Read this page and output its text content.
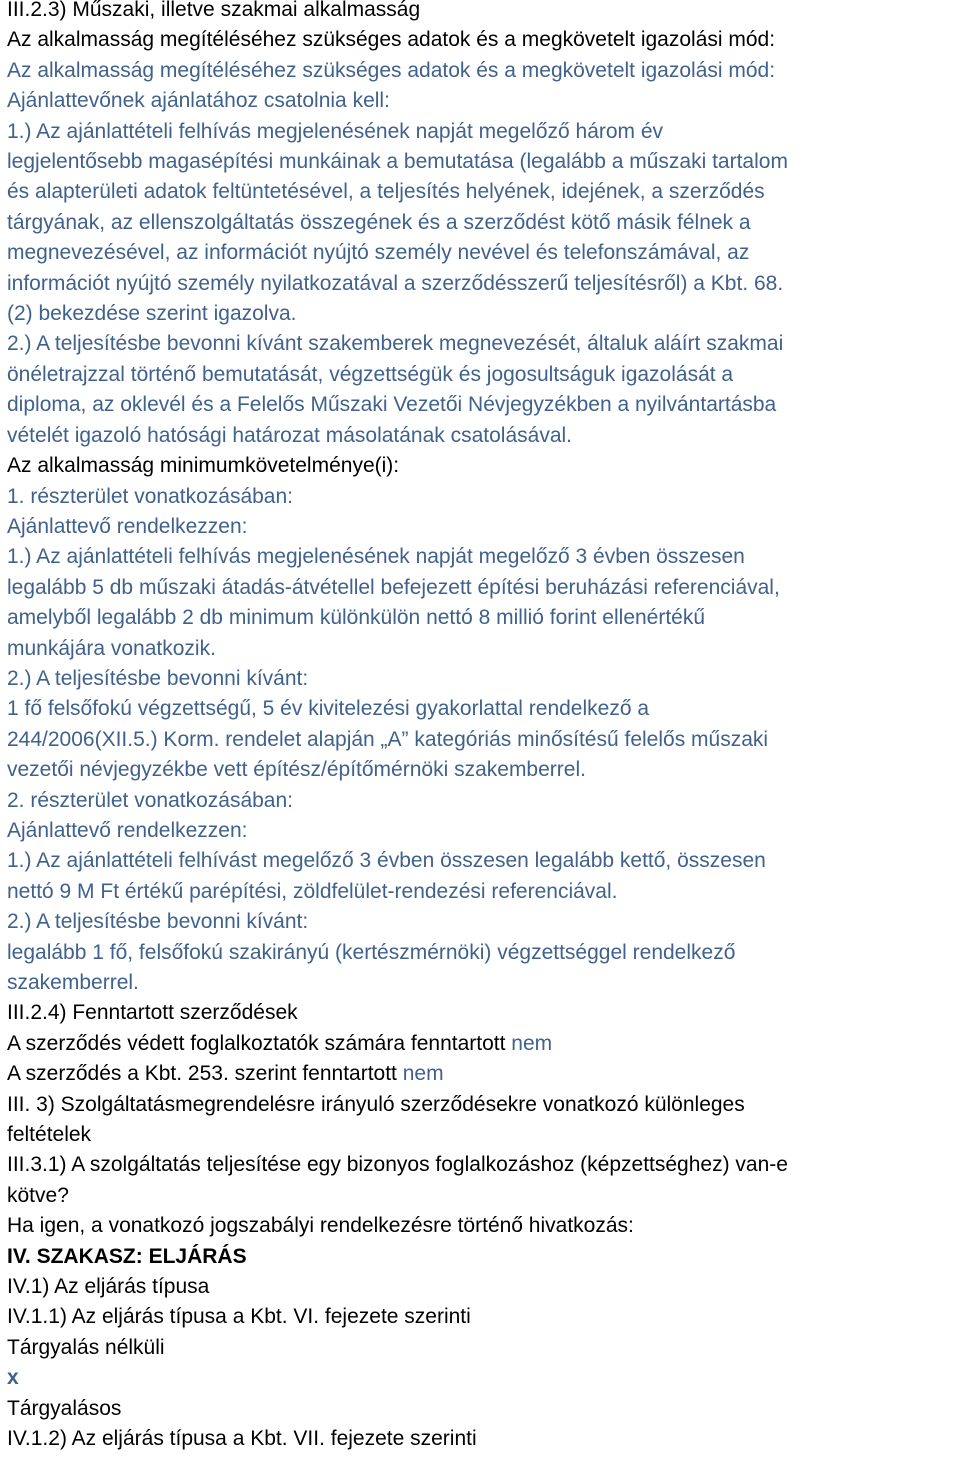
III.2.3) Műszaki, illetve szakmai alkalmasság
Az alkalmasság megítéléséhez szükséges adatok és a megkövetelt igazolási mód:
Az alkalmasság megítéléséhez szükséges adatok és a megkövetelt igazolási mód:
Ajánlattevőnek ajánlatához csatolnia kell:
1.) Az ajánlattételi felhívás megjelenésének napját megelőző három év
legjelentősebb magasépítési munkáinak a bemutatása (legalább a műszaki tartalom
és alapterületi adatok feltüntetésével, a teljesítés helyének, idejének, a szerződés
tárgyának, az ellenszolgáltatás összegének és a szerződést kötő másik félnek a
megnevezésével, az információt nyújtó személy nevével és telefonszámával, az
információt nyújtó személy nyilatkozatával a szerződésszerű teljesítésről) a Kbt. 68.
(2) bekezdése szerint igazolva.
2.) A teljesítésbe bevonni kívánt szakemberek megnevezését, általuk aláírt szakmai
önéletrajzzal történő bemutatását, végzettségük és jogosultságuk igazolását a
diploma, az oklevél és a Felelős Műszaki Vezetői Névjegyzékben a nyilvántartásba
vételét igazoló hatósági határozat másolatának csatolásával.
Az alkalmasság minimumkövetelménye(i):
1. részterület vonatkozásában:
Ajánlattevő rendelkezzen:
1.) Az ajánlattételi felhívás megjelenésének napját megelőző 3 évben összesen
legalább 5 db műszaki átadás-átvétellel befejezett építési beruházási referenciával,
amelyből legalább 2 db minimum különkülön nettó 8 millió forint ellenértékű
munkájára vonatkozik.
2.) A teljesítésbe bevonni kívánt:
1 fő felsőfokú végzettségű, 5 év kivitelezési gyakorlattal rendelkező a
244/2006(XII.5.) Korm. rendelet alapján „A” kategóriás minősítésű felelős műszaki
vezetői névjegyzékbe vett építész/építőmérnöki szakemberrel.
2. részterület vonatkozásában:
Ajánlattevő rendelkezzen:
1.) Az ajánlattételi felhívást megelőző 3 évben összesen legalább kettő, összesen
nettó 9 M Ft értékű parépítési, zöldfelület-rendezési referenciával.
2.) A teljesítésbe bevonni kívánt:
legalább 1 fő, felsőfokú szakirányú (kertészmérnöki) végzettséggel rendelkező
szakemberrel.
III.2.4) Fenntartott szerződések
A szerződés védett foglalkoztatók számára fenntartott nem
A szerződés a Kbt. 253. szerint fenntartott nem
III. 3) Szolgáltatásmegrendelésre irányuló szerződésekre vonatkozó különleges
feltételek
III.3.1) A szolgáltatás teljesítése egy bizonyos foglalkozáshoz (képzettséghez) van-e
kötve?
Ha igen, a vonatkozó jogszabályi rendelkezésre történő hivatkozás:
IV. SZAKASZ: ELJÁRÁS
IV.1) Az eljárás típusa
IV.1.1) Az eljárás típusa a Kbt. VI. fejezete szerinti
Tárgyalás nélküli
x
Tárgyalásos
IV.1.2) Az eljárás típusa a Kbt. VII. fejezete szerinti
